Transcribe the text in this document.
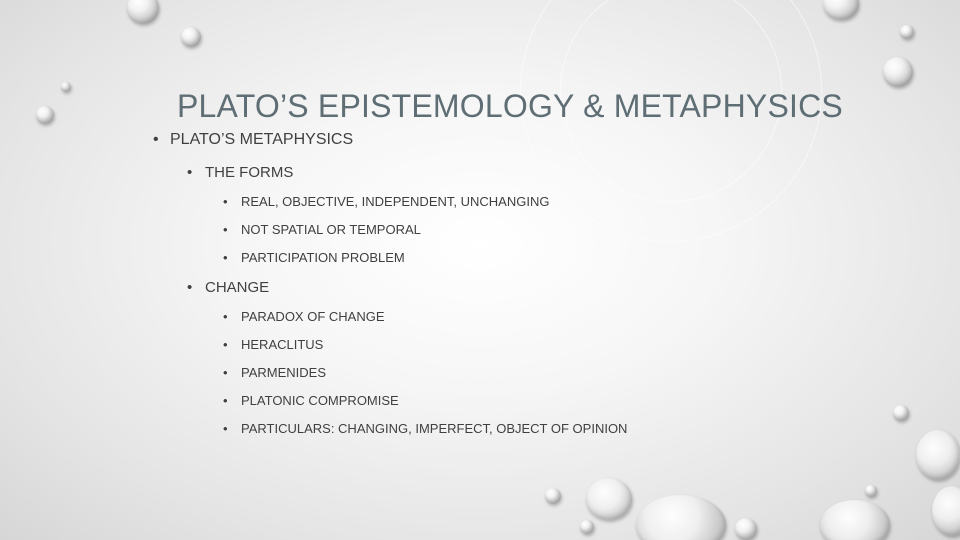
PLATO’S EPISTEMOLOGY & METAPHYSICS
• PLATO’S METAPHYSICS
• THE FORMS
• REAL, OBJECTIVE, INDEPENDENT, UNCHANGING
• NOT SPATIAL OR TEMPORAL
• PARTICIPATION PROBLEM
• CHANGE
• PARADOX OF CHANGE
• HERACLITUS
• PARMENIDES
• PLATONIC COMPROMISE
• PARTICULARS: CHANGING, IMPERFECT, OBJECT OF OPINION
